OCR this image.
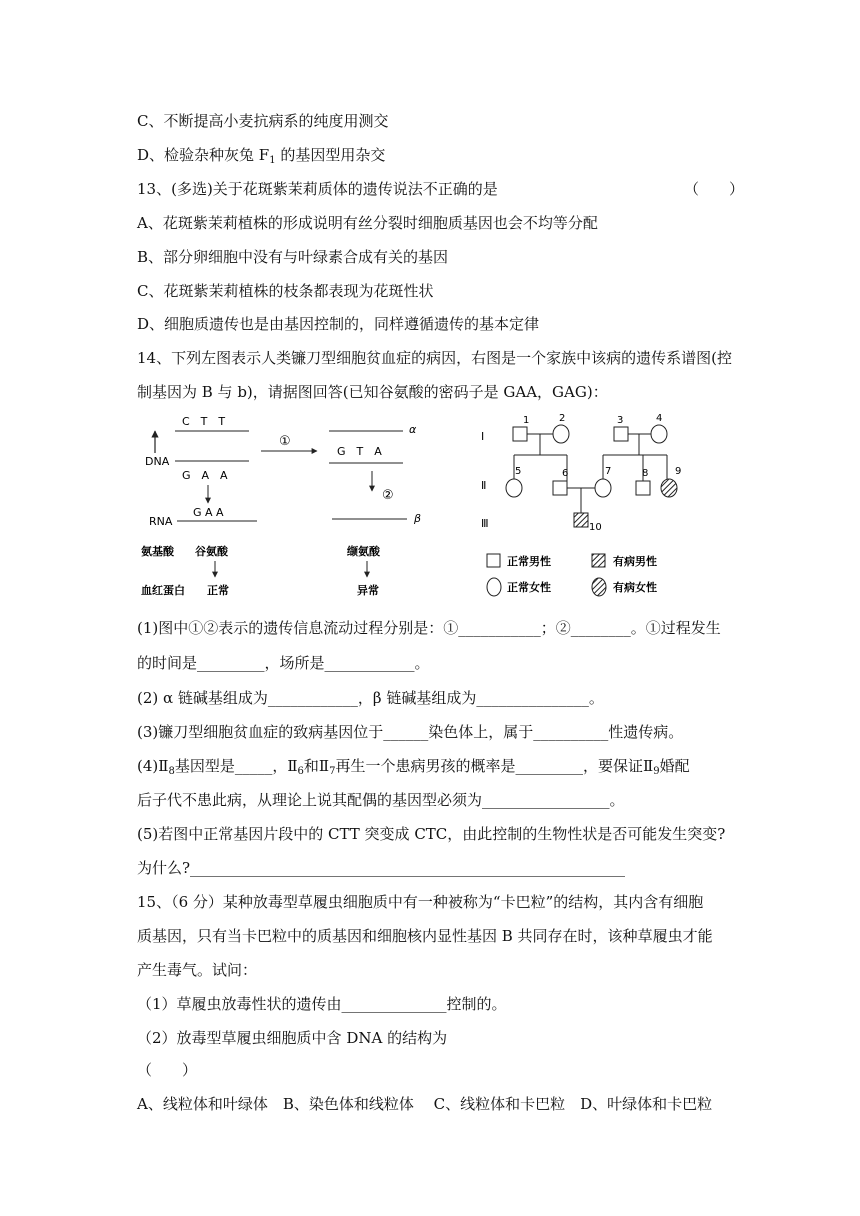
C、不断提高小麦抗病系的纯度用测交
D、检验杂种灰兔 $F_1$ 的基因型用杂交
13、(多选)关于花斑紫茉莉质体的遗传说法不正确的是	（　　）
A、花斑紫茉莉植株的形成说明有丝分裂时细胞质基因也会不均等分配
B、部分卵细胞中没有与叶绿素合成有关的基因
C、花斑紫茉莉植株的枝条都表现为花斑性状
D、细胞质遗传也是由基因控制的，同样遵循遗传的基本定律
14、下列左图表示人类镰刀型细胞贫血症的病因，右图是一个家族中该病的遗传系谱图(控
制基因为 B 与 b)，请据图回答(已知谷氨酸的密码子是 GAA，GAG)：
DNA
C　T　T
G　A　A
G A A
RNA
氨基酸 谷氨酸
血红蛋白 正常
①
α
G　T　A
②
β
缬氨酸
异常
Ⅰ
Ⅱ
Ⅲ
1	2	3	4
5	6	7	8	9
10
正常男性	有病男性
正常女性	有病女性
(1)图中①②表示的遗传信息流动过程分别是：①___________；②________。①过程发生
的时间是_________，场所是____________。
(2) α 链碱基组成为____________，β 链碱基组成为_______________。
(3)镰刀型细胞贫血症的致病基因位于______染色体上，属于__________性遗传病。
$(4)Ⅱ_8$基因型是_____，$Ⅱ_6$和$Ⅱ_7$再生一个患病男孩的概率是_________，要保证$Ⅱ_9$婚配
后子代不患此病，从理论上说其配偶的基因型必须为_________________。
(5)若图中正常基因片段中的 CTT 突变成 CTC，由此控制的生物性状是否可能发生突变?
为什么?__________________________________________________________
15、（6 分）某种放毒型草履虫细胞质中有一种被称为“卡巴粒”的结构，其内含有细胞
质基因，只有当卡巴粒中的质基因和细胞核内显性基因 B 共同存在时，该种草履虫才能
产生毒气。试问：
（1）草履虫放毒性状的遗传由______________控制的。
（2）放毒型草履虫细胞质中含 DNA 的结构为
（　　）
A、线粒体和叶绿体　B、染色体和线粒体　 C、线粒体和卡巴粒　D、叶绿体和卡巴粒
